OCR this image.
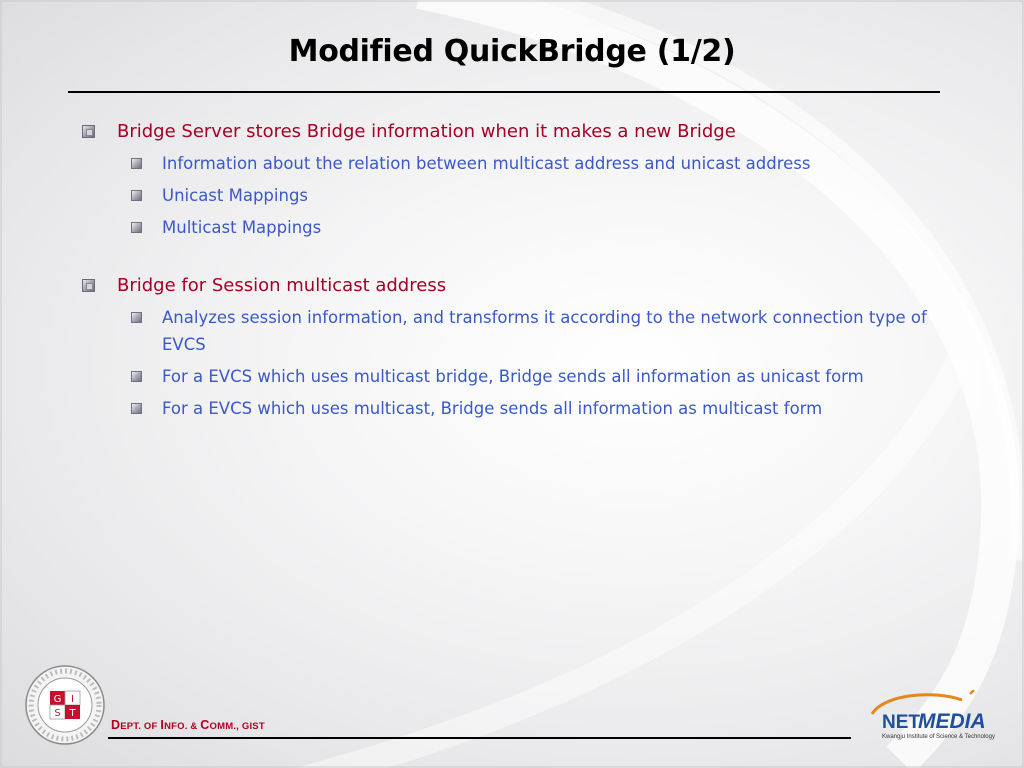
Modified QuickBridge (1/2)
Bridge Server stores Bridge information when it makes a new Bridge
Information about the relation between multicast address and unicast address
Unicast Mappings
Multicast Mappings
Bridge for Session multicast address
Analyzes session information, and transforms it according to the network connection type of EVCS
For a EVCS which uses multicast bridge, Bridge sends all information as unicast form
For a EVCS which uses multicast, Bridge sends all information as multicast form
G I
S T
DEPT. OF INFO. & COMM., GIST	NET
MEDIA
Kwangju Institute of Science & Technology
